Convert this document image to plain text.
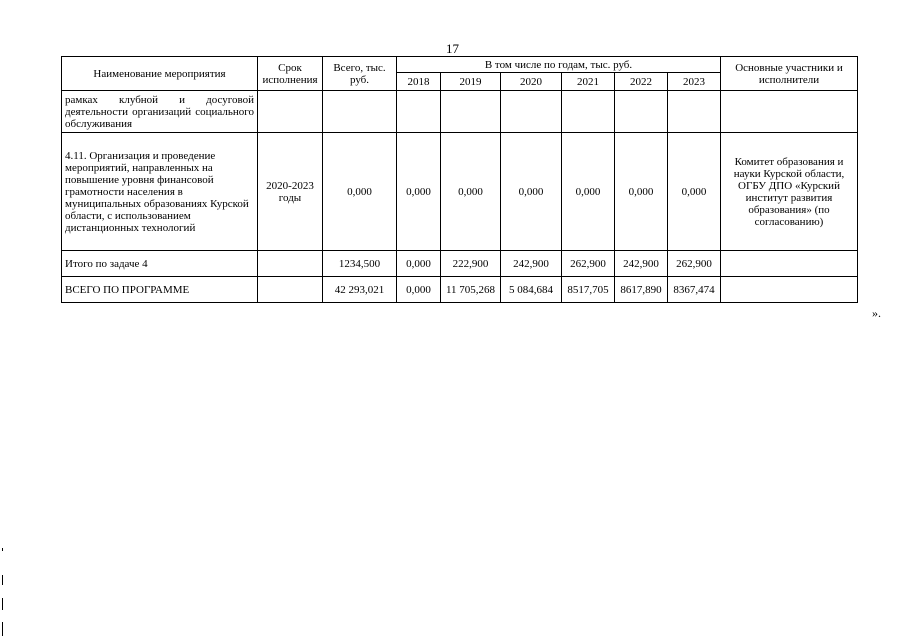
17
Наименование мероприятия	Срок исполнения	Всего, тыс. руб.	В том числе по годам, тыс. руб.						Основные участники и исполнители
			2018	2019	2020	2021	2022	2023	
рамках клубной и досуговой деятельности организаций социального обслуживания									
4.11. Организация и проведение мероприятий, направленных на повышение уровня финансовой грамотности населения в муниципальных образованиях Курской области, с использованием дистанционных технологий	2020-2023 годы	0,000	0,000	0,000	0,000	0,000	0,000	0,000	Комитет образования и науки Курской области, ОГБУ ДПО «Курский институт развития образования» (по согласованию)
Итого по задаче 4		1234,500	0,000	222,900	242,900	262,900	242,900	262,900	
ВСЕГО ПО ПРОГРАММЕ		42 293,021	0,000	11 705,268	5 084,684	8517,705	8617,890	8367,474	
».
